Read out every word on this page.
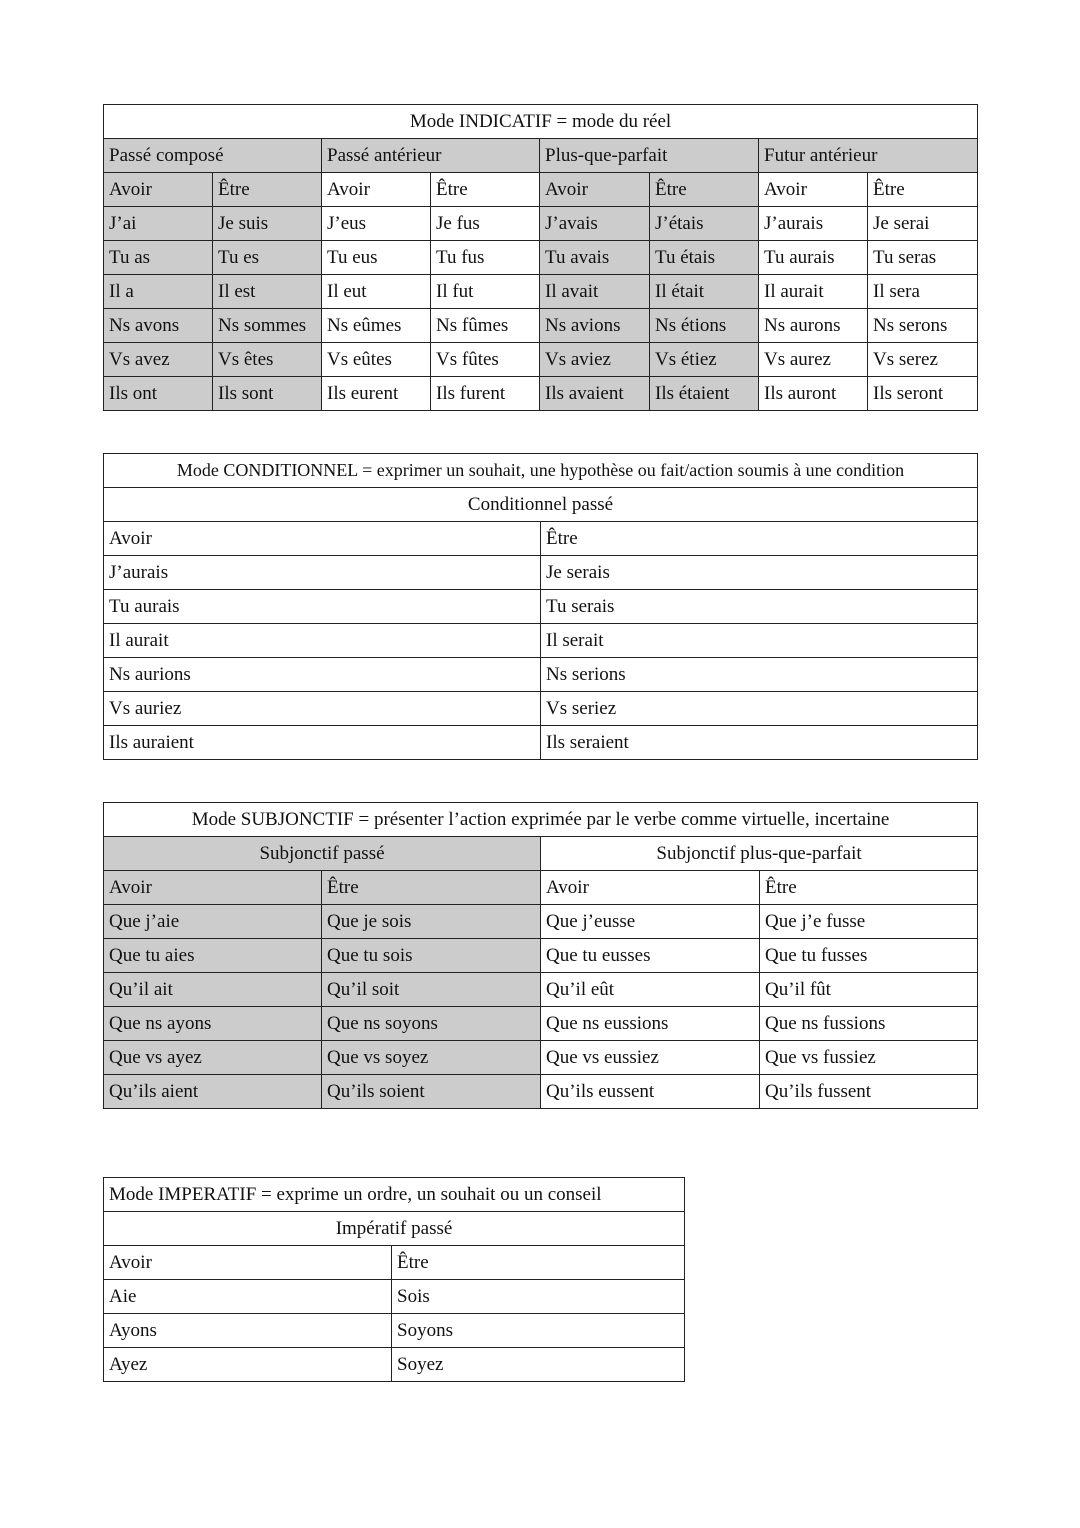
Mode INDICATIF = mode du réel							
Passé composé		Passé antérieur		Plus-que-parfait		Futur antérieur	
Avoir	Être	Avoir	Être	Avoir	Être	Avoir	Être
J’ai	Je suis	J’eus	Je fus	J’avais	J’étais	J’aurais	Je serai
Tu as	Tu es	Tu eus	Tu fus	Tu avais	Tu étais	Tu aurais	Tu seras
Il a	Il est	Il eut	Il fut	Il avait	Il était	Il aurait	Il sera
Ns avons	Ns sommes	Ns eûmes	Ns fûmes	Ns avions	Ns étions	Ns aurons	Ns serons
Vs avez	Vs êtes	Vs eûtes	Vs fûtes	Vs aviez	Vs étiez	Vs aurez	Vs serez
Ils ont	Ils sont	Ils eurent	Ils furent	Ils avaient	Ils étaient	Ils auront	Ils seront
Mode CONDITIONNEL = exprimer un souhait, une hypothèse ou fait/action soumis à une condition	
Conditionnel passé	
Avoir	Être
J’aurais	Je serais
Tu aurais	Tu serais
Il aurait	Il serait
Ns aurions	Ns serions
Vs auriez	Vs seriez
Ils auraient	Ils seraient
Mode SUBJONCTIF = présenter l’action exprimée par le verbe comme virtuelle, incertaine			
Subjonctif passé		Subjonctif plus-que-parfait	
Avoir	Être	Avoir	Être
Que j’aie	Que je sois	Que j’eusse	Que j’e fusse
Que tu aies	Que tu sois	Que tu eusses	Que tu fusses
Qu’il ait	Qu’il soit	Qu’il eût	Qu’il fût
Que ns ayons	Que ns soyons	Que ns eussions	Que ns fussions
Que vs ayez	Que vs soyez	Que vs eussiez	Que vs fussiez
Qu’ils aient	Qu’ils soient	Qu’ils eussent	Qu’ils fussent
Mode IMPERATIF = exprime un ordre, un souhait ou un conseil	
Impératif passé	
Avoir	Être
Aie	Sois
Ayons	Soyons
Ayez	Soyez
